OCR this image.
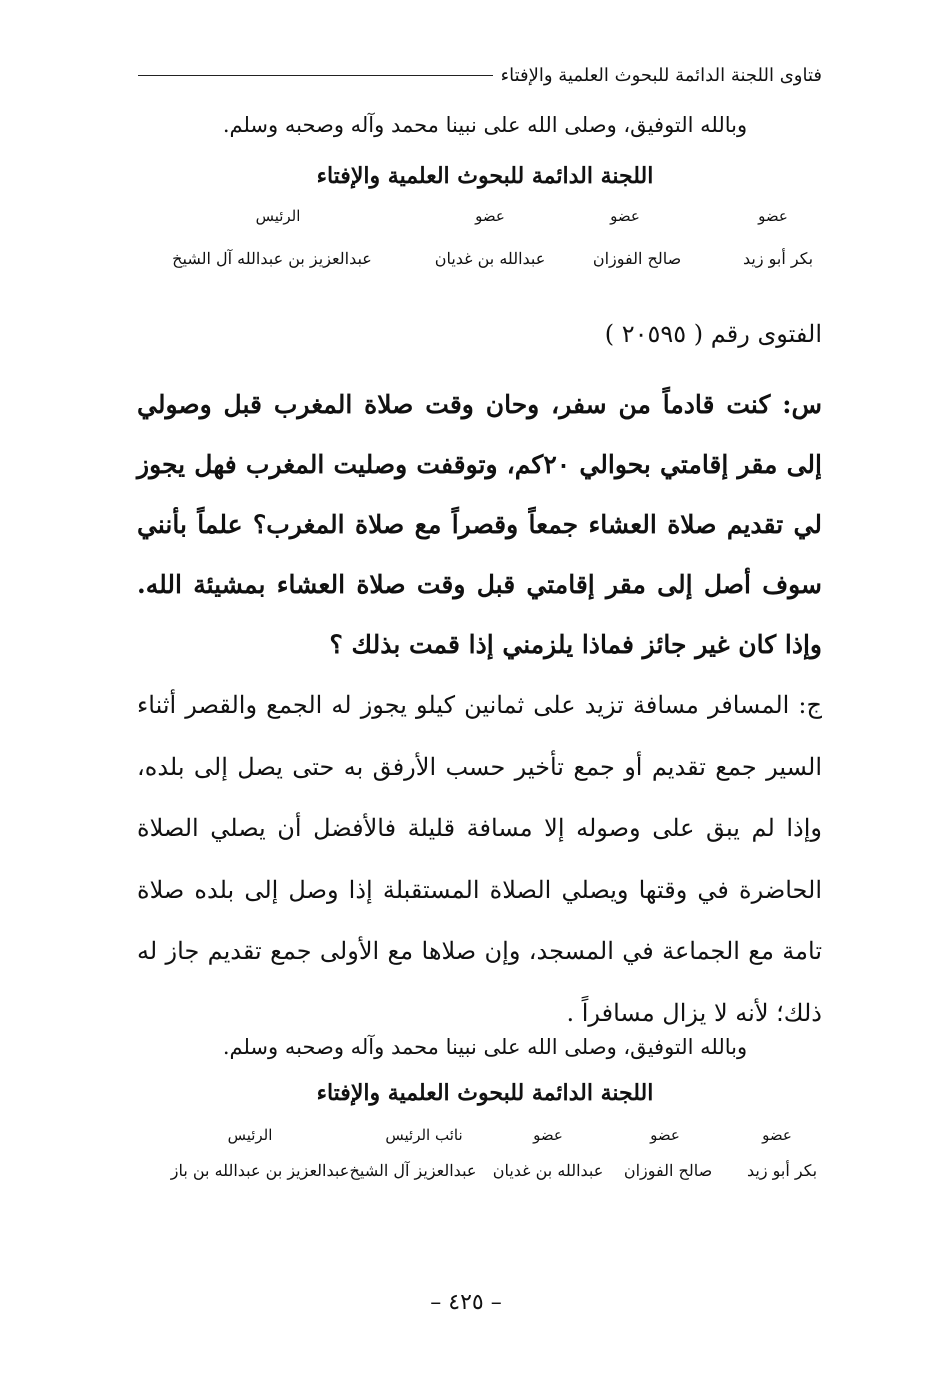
فتاوى اللجنة الدائمة للبحوث العلمية والإفتاء
وبالله التوفيق، وصلى الله على نبينا محمد وآله وصحبه وسلم.
اللجنة الدائمة للبحوث العلمية والإفتاء
عضو
عضو
عضو
الرئيس
بكر أبو زيد
صالح الفوزان
عبدالله بن غديان
عبدالعزيز بن عبدالله آل الشيخ
الفتوى رقم ( ٢٠٥٩٥ )
س: كنت قادماً من سفر، وحان وقت صلاة المغرب قبل وصولي إلى مقر إقامتي بحوالي ٢٠كم، وتوقفت وصليت المغرب فهل يجوز لي تقديم صلاة العشاء جمعاً وقصراً مع صلاة المغرب؟ علماً بأنني سوف أصل إلى مقر إقامتي قبل وقت صلاة العشاء بمشيئة الله. وإذا كان غير جائز فماذا يلزمني إذا قمت بذلك ؟
ج: المسافر مسافة تزيد على ثمانين كيلو يجوز له الجمع والقصر أثناء السير جمع تقديم أو جمع تأخير حسب الأرفق به حتى يصل إلى بلده، وإذا لم يبق على وصوله إلا مسافة قليلة فالأفضل أن يصلي الصلاة الحاضرة في وقتها ويصلي الصلاة المستقبلة إذا وصل إلى بلده صلاة تامة مع الجماعة في المسجد، وإن صلاها مع الأولى جمع تقديم جاز له ذلك؛ لأنه لا يزال مسافراً .
وبالله التوفيق، وصلى الله على نبينا محمد وآله وصحبه وسلم.
اللجنة الدائمة للبحوث العلمية والإفتاء
عضو
عضو
عضو
نائب الرئيس
الرئيس
بكر أبو زيد
صالح الفوزان
عبدالله بن غديان
عبدالعزيز آل الشيخ
عبدالعزيز بن عبدالله بن باز
– ٤٢٥ –
